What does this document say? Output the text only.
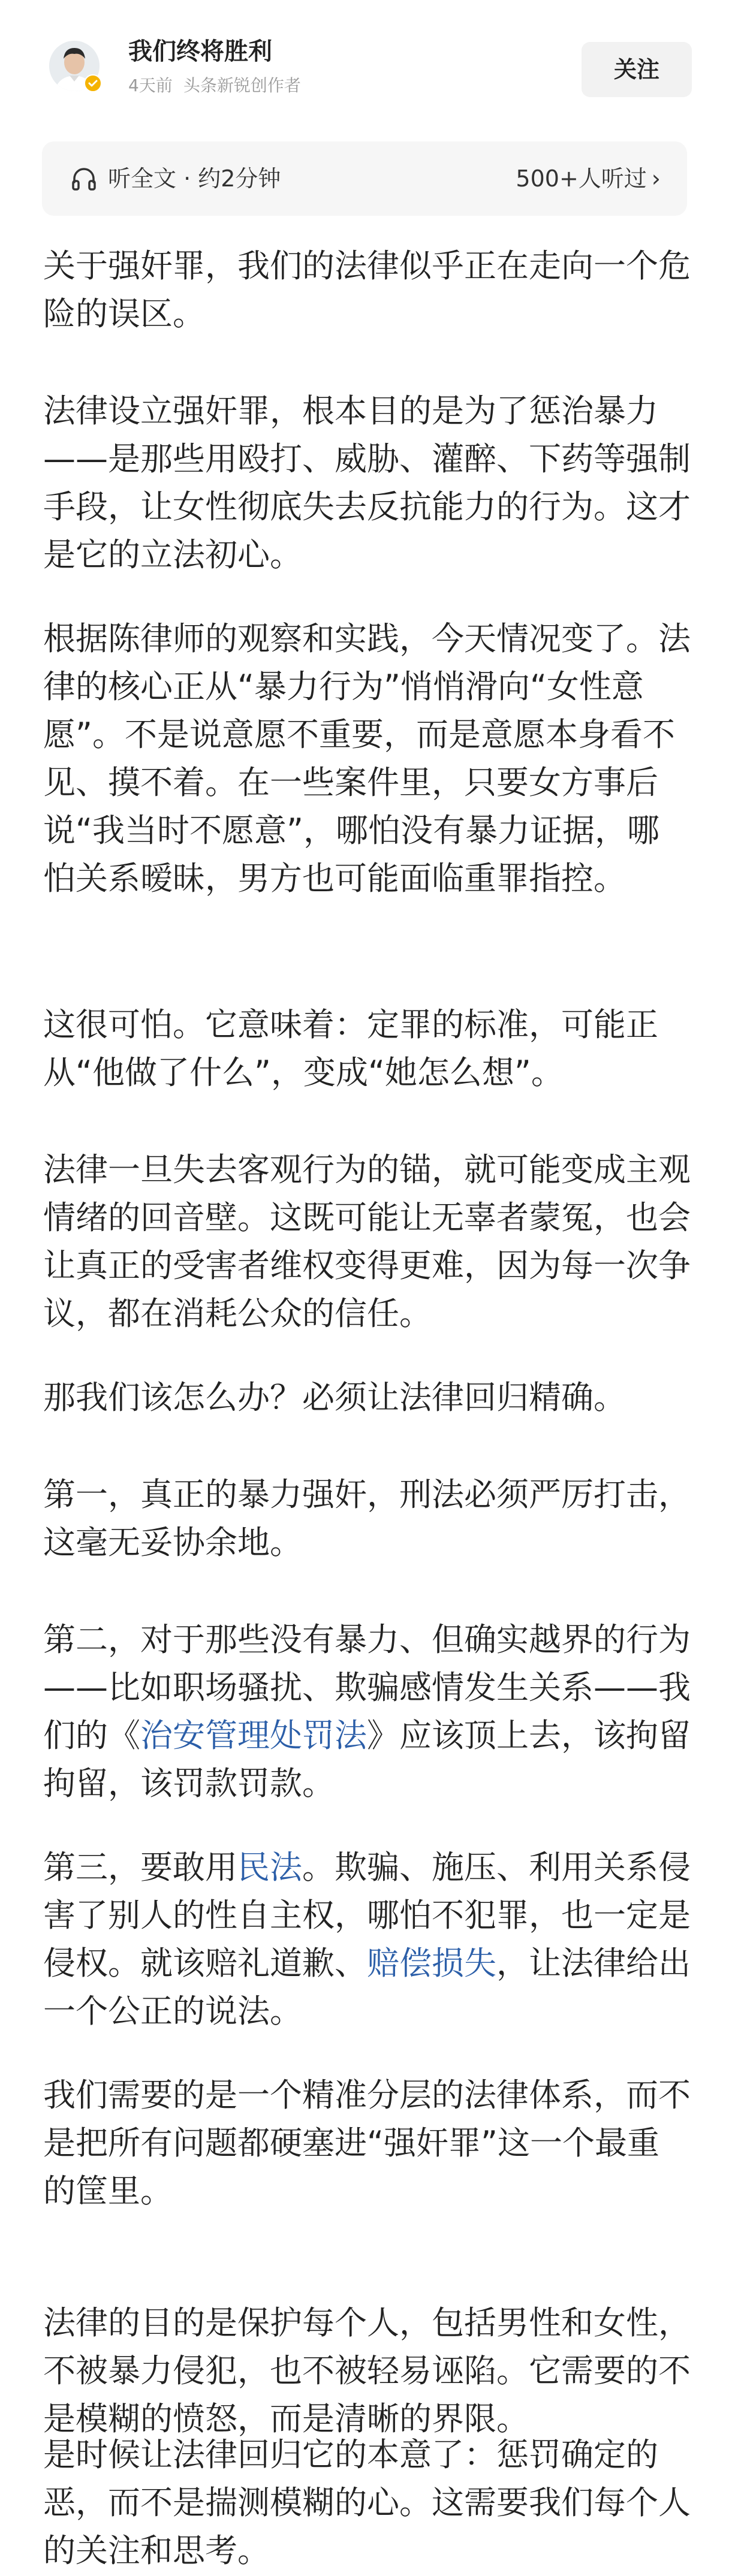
我们终将胜利
4天前 头条新锐创作者
关注
听全文 · 约2分钟	500+人听过 ›

关于强奸罪，我们的法律似乎正在走向一个危险的误区。

法律设立强奸罪，根本目的是为了惩治暴力——是那些用殴打、威胁、灌醉、下药等强制手段，让女性彻底失去反抗能力的行为。这才是它的立法初心。

根据陈律师的观察和实践，今天情况变了。法律的核心正从“暴力行为”悄悄滑向“女性意愿”。不是说意愿不重要，而是意愿本身看不见、摸不着。在一些案件里，只要女方事后说“我当时不愿意”，哪怕没有暴力证据，哪怕关系暧昧，男方也可能面临重罪指控。

这很可怕。它意味着：定罪的标准，可能正从“他做了什么”，变成“她怎么想”。

法律一旦失去客观行为的锚，就可能变成主观情绪的回音壁。这既可能让无辜者蒙冤，也会让真正的受害者维权变得更难，因为每一次争议，都在消耗公众的信任。

那我们该怎么办？必须让法律回归精确。

第一，真正的暴力强奸，刑法必须严厉打击，这毫无妥协余地。

第二，对于那些没有暴力、但确实越界的行为——比如职场骚扰、欺骗感情发生关系——我们的《治安管理处罚法》应该顶上去，该拘留拘留，该罚款罚款。

第三，要敢用民法。欺骗、施压、利用关系侵害了别人的性自主权，哪怕不犯罪，也一定是侵权。就该赔礼道歉、赔偿损失，让法律给出一个公正的说法。

我们需要的是一个精准分层的法律体系，而不是把所有问题都硬塞进“强奸罪”这一个最重的筐里。

法律的目的是保护每个人，包括男性和女性，不被暴力侵犯，也不被轻易诬陷。它需要的不是模糊的愤怒，而是清晰的界限。

是时候让法律回归它的本意了：惩罚确定的恶，而不是揣测模糊的心。这需要我们每个人的关注和思考。
